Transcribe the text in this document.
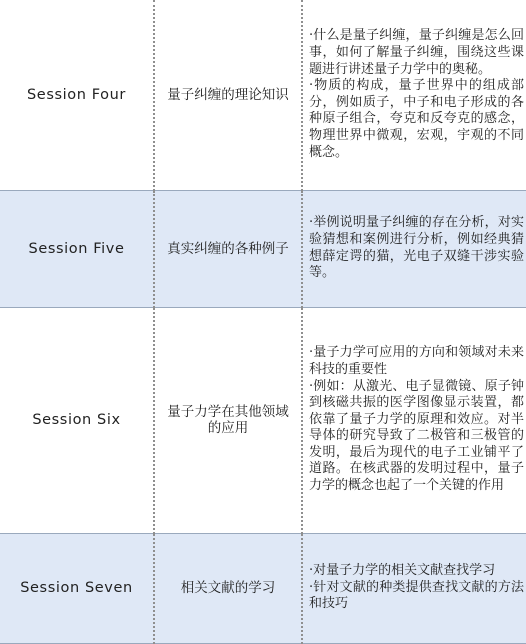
Session Four	量子纠缠的理论知识	·什么是量子纠缠，量子纠缠是怎么回事，如何了解量子纠缠，围绕这些课题进行讲述量子力学中的奥秘。
·物质的构成，量子世界中的组成部分，例如质子，中子和电子形成的各种原子组合，夸克和反夸克的感念，物理世界中微观，宏观，宇观的不同概念。

Session Five	真实纠缠的各种例子	·举例说明量子纠缠的存在分析，对实验猜想和案例进行分析，例如经典猜想薛定谔的猫，光电子双缝干涉实验等。

Session Six	量子力学在其他领域的应用	·量子力学可应用的方向和领域对未来科技的重要性
·例如：从激光、电子显微镜、原子钟到核磁共振的医学图像显示装置，都依靠了量子力学的原理和效应。对半导体的研究导致了二极管和三极管的发明，最后为现代的电子工业铺平了道路。在核武器的发明过程中，量子力学的概念也起了一个关键的作用

Session Seven	相关文献的学习	·对量子力学的相关文献查找学习
·针对文献的种类提供查找文献的方法和技巧
